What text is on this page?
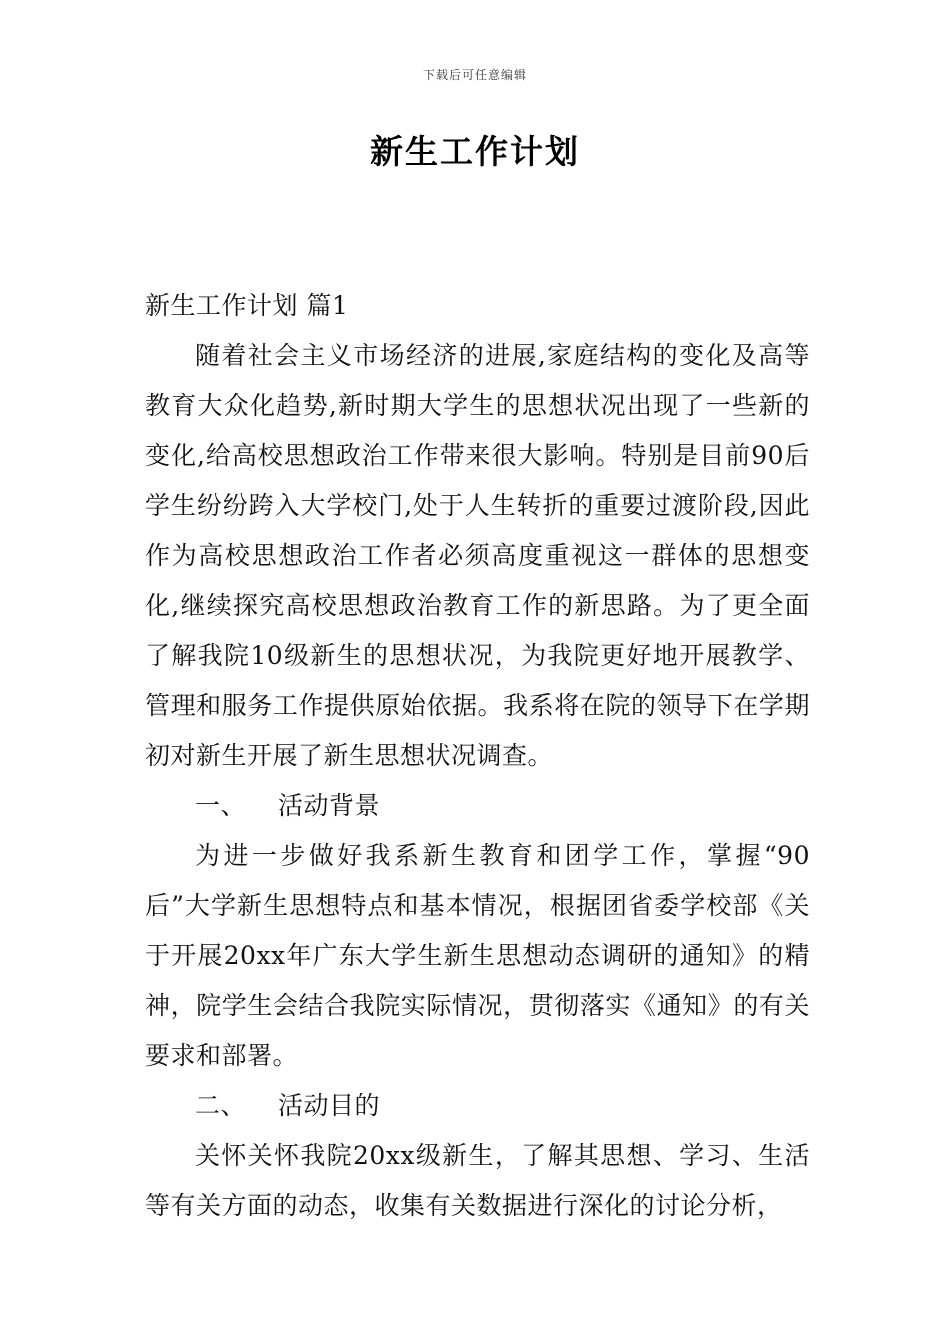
下载后可任意编辑
新生工作计划

新生工作计划 篇1

随着社会主义市场经济的进展,家庭结构的变化及高等教育大众化趋势,新时期大学生的思想状况出现了一些新的变化,给高校思想政治工作带来很大影响。特别是目前90后学生纷纷跨入大学校门,处于人生转折的重要过渡阶段,因此作为高校思想政治工作者必须高度重视这一群体的思想变化,继续探究高校思想政治教育工作的新思路。为了更全面了解我院10级新生的思想状况，为我院更好地开展教学、管理和服务工作提供原始依据。我系将在院的领导下在学期初对新生开展了新生思想状况调查。

一、 活动背景

为进一步做好我系新生教育和团学工作，掌握“90后”大学新生思想特点和基本情况，根据团省委学校部《关于开展20xx年广东大学生新生思想动态调研的通知》的精神，院学生会结合我院实际情况，贯彻落实《通知》的有关要求和部署。

二、 活动目的

关怀关怀我院20xx级新生，了解其思想、学习、生活等有关方面的动态，收集有关数据进行深化的讨论分析，
